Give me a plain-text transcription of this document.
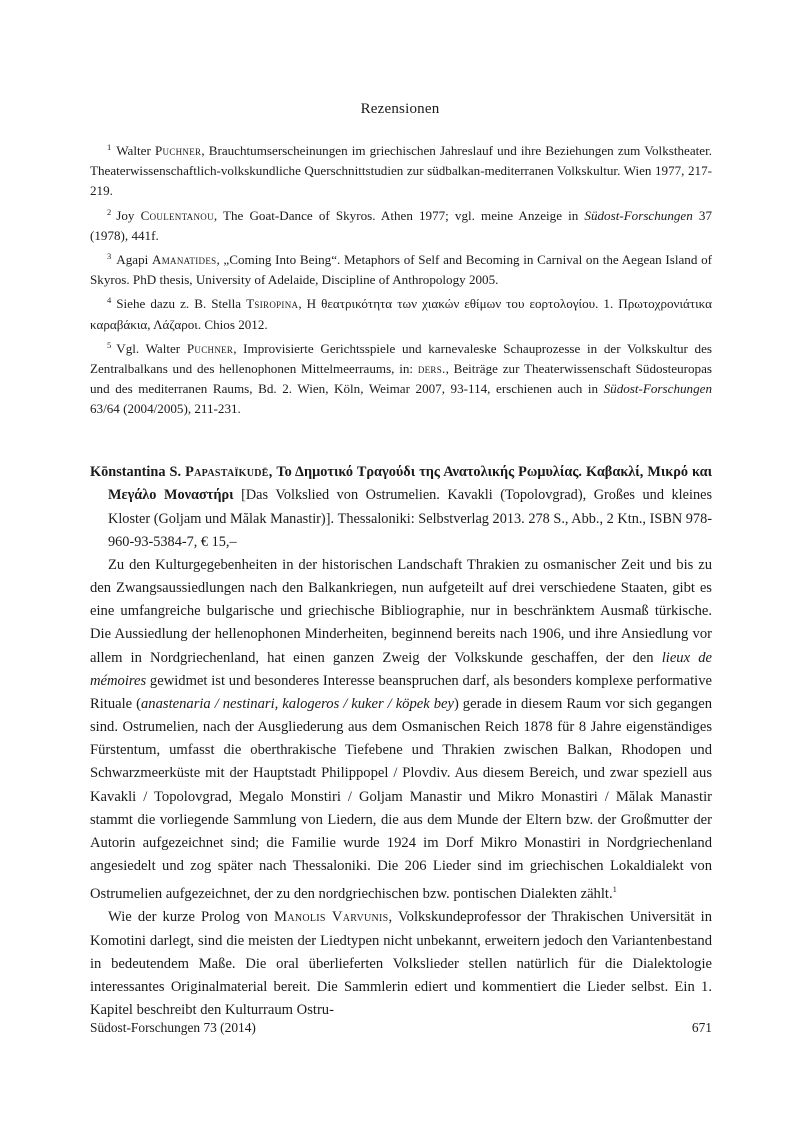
Rezensionen

$^1$ Walter Puchner, Brauchtumserscheinungen im griechischen Jahreslauf und ihre Beziehungen zum Volkstheater. Theaterwissenschaftlich-volkskundliche Querschnittstudien zur südbalkan-mediterranen Volkskultur. Wien 1977, 217-219.

$^2$ Joy Coulentanou, The Goat-Dance of Skyros. Athen 1977; vgl. meine Anzeige in Südost-Forschungen 37 (1978), 441f.

$^3$ Agapi Amanatides, „Coming Into Being“. Metaphors of Self and Becoming in Carnival on the Aegean Island of Skyros. PhD thesis, University of Adelaide, Discipline of Anthropology 2005.

$^4$ Siehe dazu z. B. Stella Tsiropina, Η θεατρικότητα των χιακών εθίμων του εορτολογίου. 1. Πρωτοχρονιάτικα καραβάκια, Λάζαροι. Chios 2012.

$^5$ Vgl. Walter Puchner, Improvisierte Gerichtsspiele und karnevaleske Schauprozesse in der Volkskultur des Zentralbalkans und des hellenophonen Mittelmeerraums, in: ders., Beiträge zur Theaterwissenschaft Südosteuropas und des mediterranen Raums, Bd. 2. Wien, Köln, Weimar 2007, 93-114, erschienen auch in Südost-Forschungen 63/64 (2004/2005), 211-231.

Kōnstantina S. Papastaïkudē, Το Δημοτικό Τραγούδι της Ανατολικής Ρωμυλίας. Καβακλί, Μικρό και Μεγάλο Μοναστήρι [Das Volkslied von Ostrumelien. Kavakli (Topolovgrad), Großes und kleines Kloster (Goljam und Mălak Manastir)]. Thessaloniki: Selbstverlag 2013. 278 S., Abb., 2 Ktn., ISBN 978-960-93-5384-7, € 15,–

Zu den Kulturgegebenheiten in der historischen Landschaft Thrakien zu osmanischer Zeit und bis zu den Zwangsaussiedlungen nach den Balkankriegen, nun aufgeteilt auf drei verschiedene Staaten, gibt es eine umfangreiche bulgarische und griechische Bibliographie, nur in beschränktem Ausmaß türkische. Die Aussiedlung der hellenophonen Minderheiten, beginnend bereits nach 1906, und ihre Ansiedlung vor allem in Nordgriechenland, hat einen ganzen Zweig der Volkskunde geschaffen, der den lieux de mémoires gewidmet ist und besonderes Interesse beanspruchen darf, als besonders komplexe performative Rituale (anastenaria / nestinari, kalogeros / kuker / köpek bey) gerade in diesem Raum vor sich gegangen sind. Ostrumelien, nach der Ausgliederung aus dem Osmanischen Reich 1878 für 8 Jahre eigenständiges Fürstentum, umfasst die oberthrakische Tiefebene und Thrakien zwischen Balkan, Rhodopen und Schwarzmeerküste mit der Hauptstadt Philippopel / Plovdiv. Aus diesem Bereich, und zwar speziell aus Kavakli / Topolovgrad, Megalo Monstiri / Goljam Manastir und Mikro Monastiri / Mălak Manastir stammt die vorliegende Sammlung von Liedern, die aus dem Munde der Eltern bzw. der Großmutter der Autorin aufgezeichnet sind; die Familie wurde 1924 im Dorf Mikro Monastiri in Nordgriechenland angesiedelt und zog später nach Thessaloniki. Die 206 Lieder sind im griechischen Lokaldialekt von Ostrumelien aufgezeichnet, der zu den nordgriechischen bzw. pontischen Dialekten zählt.$^1$

Wie der kurze Prolog von Manolis Varvunis, Volkskundeprofessor der Thrakischen Universität in Komotini darlegt, sind die meisten der Liedtypen nicht unbekannt, erweitern jedoch den Variantenbestand in bedeutendem Maße. Die oral überlieferten Volkslieder stellen natürlich für die Dialektologie interessantes Originalmaterial bereit. Die Sammlerin ediert und kommentiert die Lieder selbst. Ein 1. Kapitel beschreibt den Kulturraum Ostru-

Südost-Forschungen 73 (2014)	671
